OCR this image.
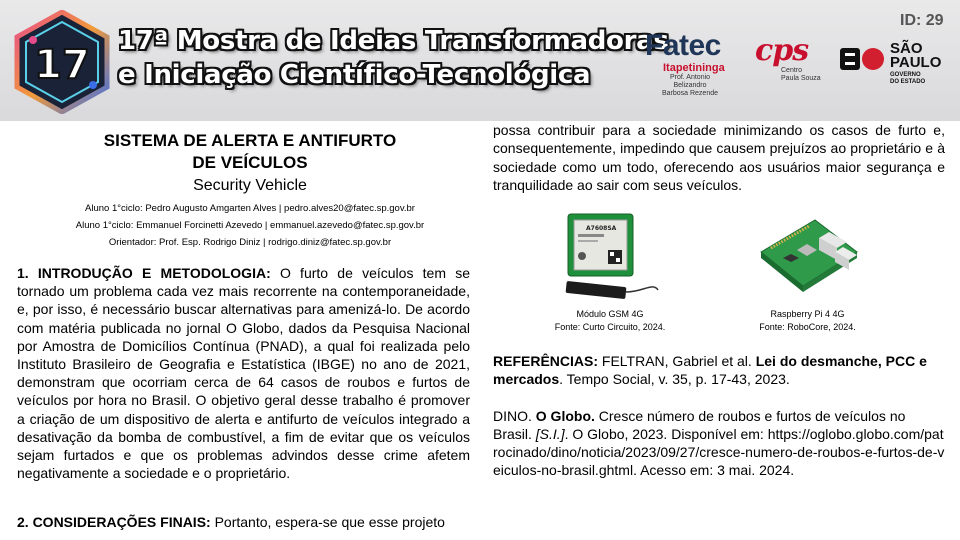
17
17ª Mostra de Ideias Transformadoras
e Iniciação Científico-Tecnológica
Fatec
Itapetininga
Prof. Antonio Belizandro
Barbosa Rezende
cps
Centro
Paula Souza
SÃO
PAULO
GOVERNO
DO ESTADO
ID: 29
SISTEMA DE ALERTA E ANTIFURTO
DE VEÍCULOS
Security Vehicle
Aluno 1°ciclo: Pedro Augusto Amgarten Alves | pedro.alves20@fatec.sp.gov.br
Aluno 1°ciclo: Emmanuel Forcinetti Azevedo | emmanuel.azevedo@fatec.sp.gov.br
Orientador: Prof. Esp. Rodrigo Diniz | rodrigo.diniz@fatec.sp.gov.br
1. INTRODUÇÃO E METODOLOGIA: O furto de veículos tem se tornado um problema cada vez mais recorrente na contemporaneidade, e, por isso, é necessário buscar alternativas para amenizá-lo. De acordo com matéria publicada no jornal O Globo, dados da Pesquisa Nacional por Amostra de Domicílios Contínua (PNAD), a qual foi realizada pelo Instituto Brasileiro de Geografia e Estatística (IBGE) no ano de 2021, demonstram que ocorriam cerca de 64 casos de roubos e furtos de veículos por hora no Brasil. O objetivo geral desse trabalho é promover a criação de um dispositivo de alerta e antifurto de veículos integrado a desativação da bomba de combustível, a fim de evitar que os veículos sejam furtados e que os problemas advindos desse crime afetem negativamente a sociedade e o proprietário.
2. CONSIDERAÇÕES FINAIS: Portanto, espera-se que esse projeto
possa contribuir para a sociedade minimizando os casos de furto e, consequentemente, impedindo que causem prejuízos ao proprietário e à sociedade como um todo, oferecendo aos usuários maior segurança e tranquilidade ao sair com seus veículos.
A7608SA
Módulo GSM 4G
Fonte: Curto Circuito, 2024.
Raspberry Pi 4 4G
Fonte: RoboCore, 2024.

REFERÊNCIAS: FELTRAN, Gabriel et al. Lei do desmanche, PCC e mercados. Tempo Social, v. 35, p. 17-43, 2023.

DINO. O Globo. Cresce número de roubos e furtos de veículos no Brasil. [S.I.]. O Globo, 2023. Disponível em: https://oglobo.globo.com/patrocinado/dino/noticia/2023/09/27/cresce-numero-de-roubos-e-furtos-de-veiculos-no-brasil.ghtml. Acesso em: 3 mai. 2024.
